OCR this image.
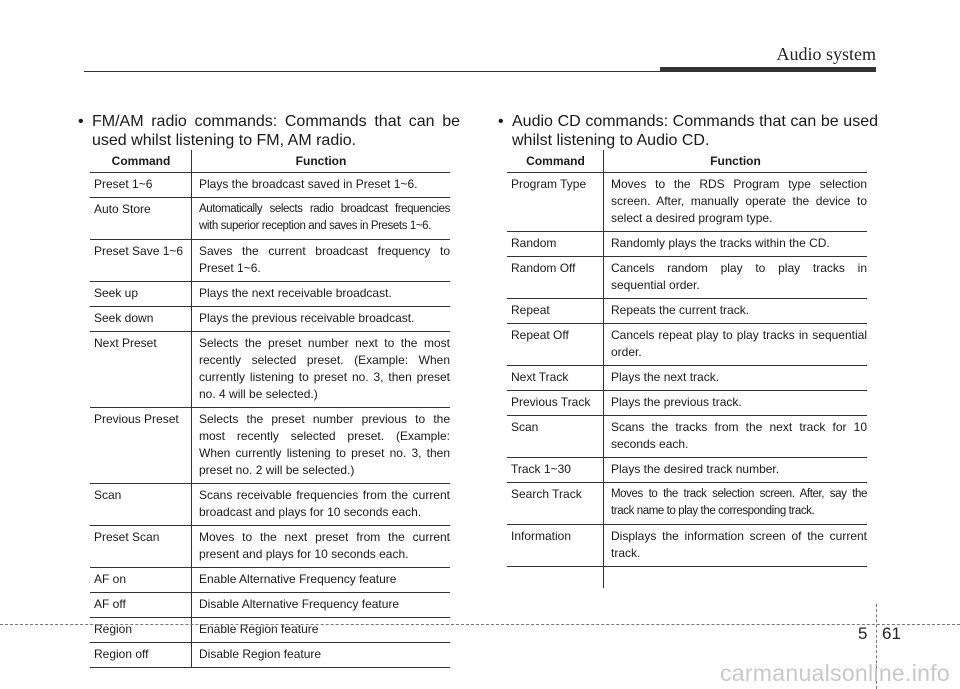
Audio system
• FM/AM radio commands: Commands that can be
used whilst listening to FM, AM radio.
Command	Function
Preset 1~6	Plays the broadcast saved in Preset 1~6.
Auto Store	Automatically selects radio broadcast frequencies with superior reception and saves in Presets 1~6.
Preset Save 1~6	Saves the current broadcast frequency to Preset 1~6.
Seek up	Plays the next receivable broadcast.
Seek down	Plays the previous receivable broadcast.
Next Preset	Selects the preset number next to the most recently selected preset. (Example: When currently listening to preset no. 3, then preset no. 4 will be selected.)
Previous Preset	Selects the preset number previous to the most recently selected preset. (Example: When currently listening to preset no. 3, then preset no. 2 will be selected.)
Scan	Scans receivable frequencies from the current broadcast and plays for 10 seconds each.
Preset Scan	Moves to the next preset from the current present and plays for 10 seconds each.
AF on	Enable Alternative Frequency feature
AF off	Disable Alternative Frequency feature
Region	Enable Region feature
Region off	Disable Region feature
• Audio CD commands: Commands that can be used
whilst listening to Audio CD.
Command	Function
Program Type	Moves to the RDS Program type selection screen. After, manually operate the device to select a desired program type.
Random	Randomly plays the tracks within the CD.
Random Off	Cancels random play to play tracks in sequential order.
Repeat	Repeats the current track.
Repeat Off	Cancels repeat play to play tracks in sequential order.
Next Track	Plays the next track.
Previous Track	Plays the previous track.
Scan	Scans the tracks from the next track for 10 seconds each.
Track 1~30	Plays the desired track number.
Search Track	Moves to the track selection screen. After, say the track name to play the corresponding track.
Information	Displays the information screen of the current track.
5 61
carmanualsonline.info
